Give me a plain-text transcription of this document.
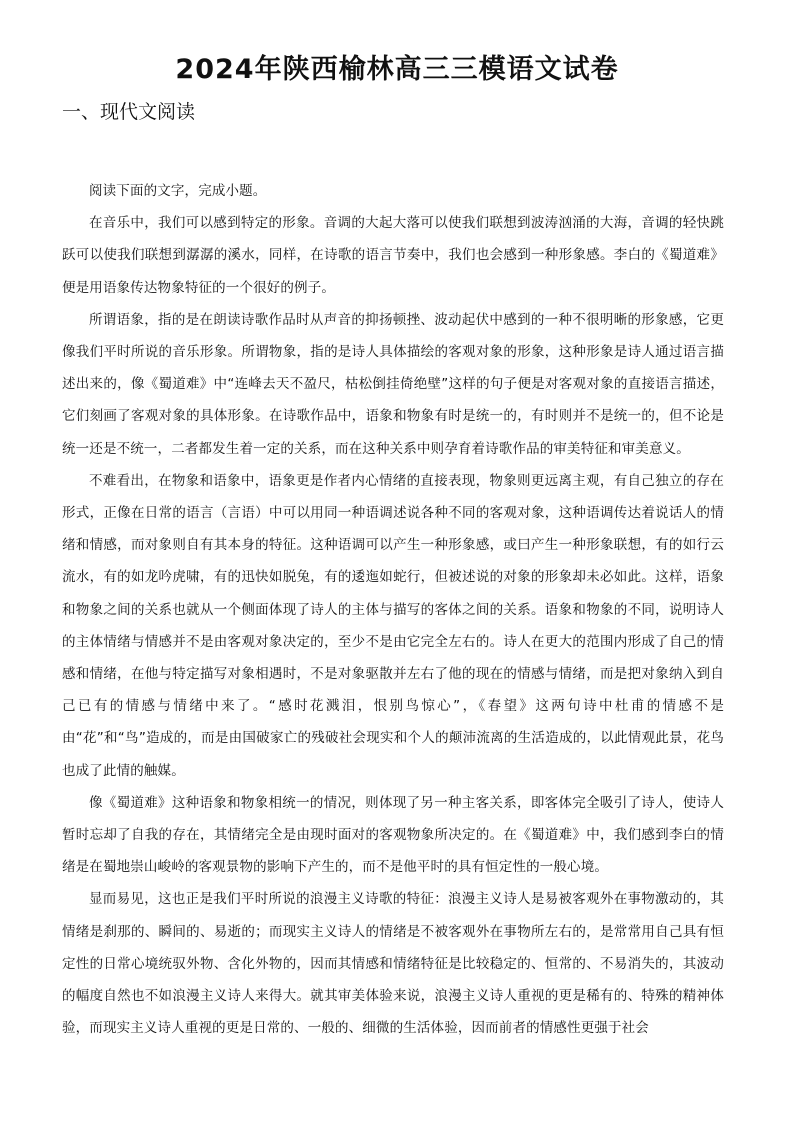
2024年陕西榆林高三三模语文试卷
一、现代文阅读

阅读下面的文字，完成小题。

在音乐中，我们可以感到特定的形象。音调的大起大落可以使我们联想到波涛汹涌的大海，音调的轻快跳跃可以使我们联想到潺潺的溪水，同样，在诗歌的语言节奏中，我们也会感到一种形象感。李白的《蜀道难》便是用语象传达物象特征的一个很好的例子。

所谓语象，指的是在朗读诗歌作品时从声音的抑扬顿挫、波动起伏中感到的一种不很明晰的形象感，它更像我们平时所说的音乐形象。所谓物象，指的是诗人具体描绘的客观对象的形象，这种形象是诗人通过语言描述出来的，像《蜀道难》中“连峰去天不盈尺，枯松倒挂倚绝壁”这样的句子便是对客观对象的直接语言描述，它们刻画了客观对象的具体形象。在诗歌作品中，语象和物象有时是统一的，有时则并不是统一的，但不论是统一还是不统一，二者都发生着一定的关系，而在这种关系中则孕育着诗歌作品的审美特征和审美意义。

不难看出，在物象和语象中，语象更是作者内心情绪的直接表现，物象则更远离主观，有自己独立的存在形式，正像在日常的语言（言语）中可以用同一种语调述说各种不同的客观对象，这种语调传达着说话人的情绪和情感，而对象则自有其本身的特征。这种语调可以产生一种形象感，或曰产生一种形象联想，有的如行云流水，有的如龙吟虎啸，有的迅快如脱兔，有的逶迤如蛇行，但被述说的对象的形象却未必如此。这样，语象和物象之间的关系也就从一个侧面体现了诗人的主体与描写的客体之间的关系。语象和物象的不同，说明诗人的主体情绪与情感并不是由客观对象决定的，至少不是由它完全左右的。诗人在更大的范围内形成了自己的情感和情绪，在他与特定描写对象相遇时，不是对象驱散并左右了他的现在的情感与情绪，而是把对象纳入到自己已有的情感与情绪中来了。“感时花溅泪，恨别鸟惊心”，《春望》这两句诗中杜甫的情感不是由“花”和“鸟”造成的，而是由国破家亡的残破社会现实和个人的颠沛流离的生活造成的，以此情观此景，花鸟也成了此情的触媒。

像《蜀道难》这种语象和物象相统一的情况，则体现了另一种主客关系，即客体完全吸引了诗人，使诗人暂时忘却了自我的存在，其情绪完全是由现时面对的客观物象所决定的。在《蜀道难》中，我们感到李白的情绪是在蜀地崇山峻岭的客观景物的影响下产生的，而不是他平时的具有恒定性的一般心境。

显而易见，这也正是我们平时所说的浪漫主义诗歌的特征：浪漫主义诗人是易被客观外在事物激动的，其情绪是刹那的、瞬间的、易逝的；而现实主义诗人的情绪是不被客观外在事物所左右的，是常常用自己具有恒定性的日常心境统驭外物、含化外物的，因而其情感和情绪特征是比较稳定的、恒常的、不易消失的，其波动的幅度自然也不如浪漫主义诗人来得大。就其审美体验来说，浪漫主义诗人重视的更是稀有的、特殊的精神体验，而现实主义诗人重视的更是日常的、一般的、细微的生活体验，因而前者的情感性更强于社会
